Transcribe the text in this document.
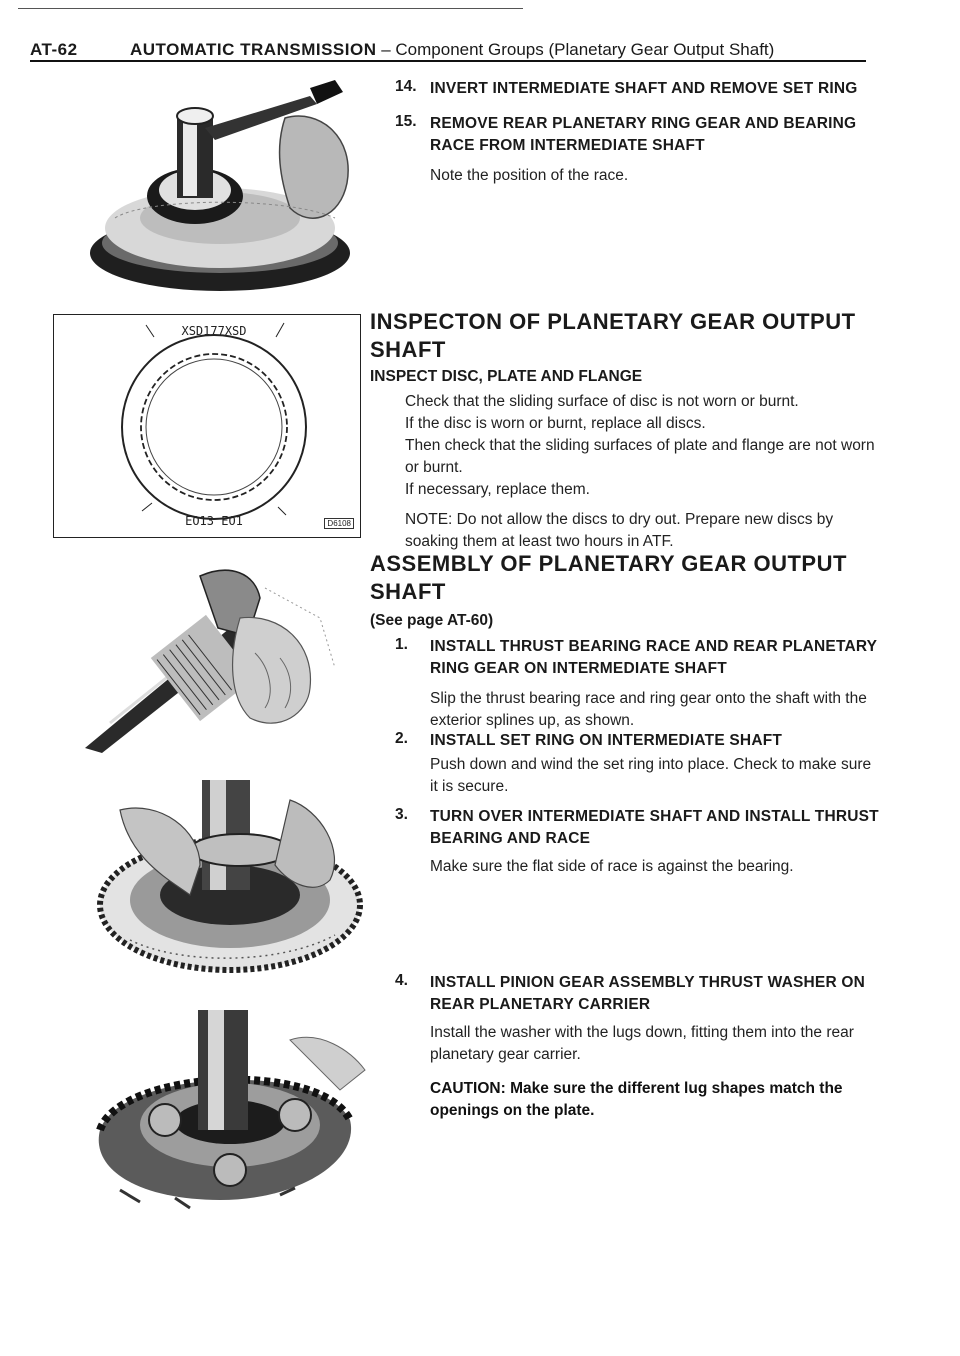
AT-62	AUTOMATIC TRANSMISSION – Component Groups (Planetary Gear Output Shaft)
XSD177XSD
EO13 EO1	D6108
14. INVERT INTERMEDIATE SHAFT AND REMOVE SET RING
15. REMOVE REAR PLANETARY RING GEAR AND BEARING RACE FROM INTERMEDIATE SHAFT
Note the position of the race.
INSPECTON OF PLANETARY GEAR OUTPUT SHAFT
INSPECT DISC, PLATE AND FLANGE
Check that the sliding surface of disc is not worn or burnt.
If the disc is worn or burnt, replace all discs.
Then check that the sliding surfaces of plate and flange are not worn or burnt.
If necessary, replace them.
NOTE: Do not allow the discs to dry out. Prepare new discs by soaking them at least two hours in ATF.
ASSEMBLY OF PLANETARY GEAR OUTPUT SHAFT
(See page AT-60)
1. INSTALL THRUST BEARING RACE AND REAR PLANETARY RING GEAR ON INTERMEDIATE SHAFT
Slip the thrust bearing race and ring gear onto the shaft with the exterior splines up, as shown.
2. INSTALL SET RING ON INTERMEDIATE SHAFT
Push down and wind the set ring into place. Check to make sure it is secure.
3. TURN OVER INTERMEDIATE SHAFT AND INSTALL THRUST BEARING AND RACE
Make sure the flat side of race is against the bearing.
4. INSTALL PINION GEAR ASSEMBLY THRUST WASHER ON REAR PLANETARY CARRIER
Install the washer with the lugs down, fitting them into the rear planetary gear carrier.
CAUTION: Make sure the different lug shapes match the openings on the plate.
